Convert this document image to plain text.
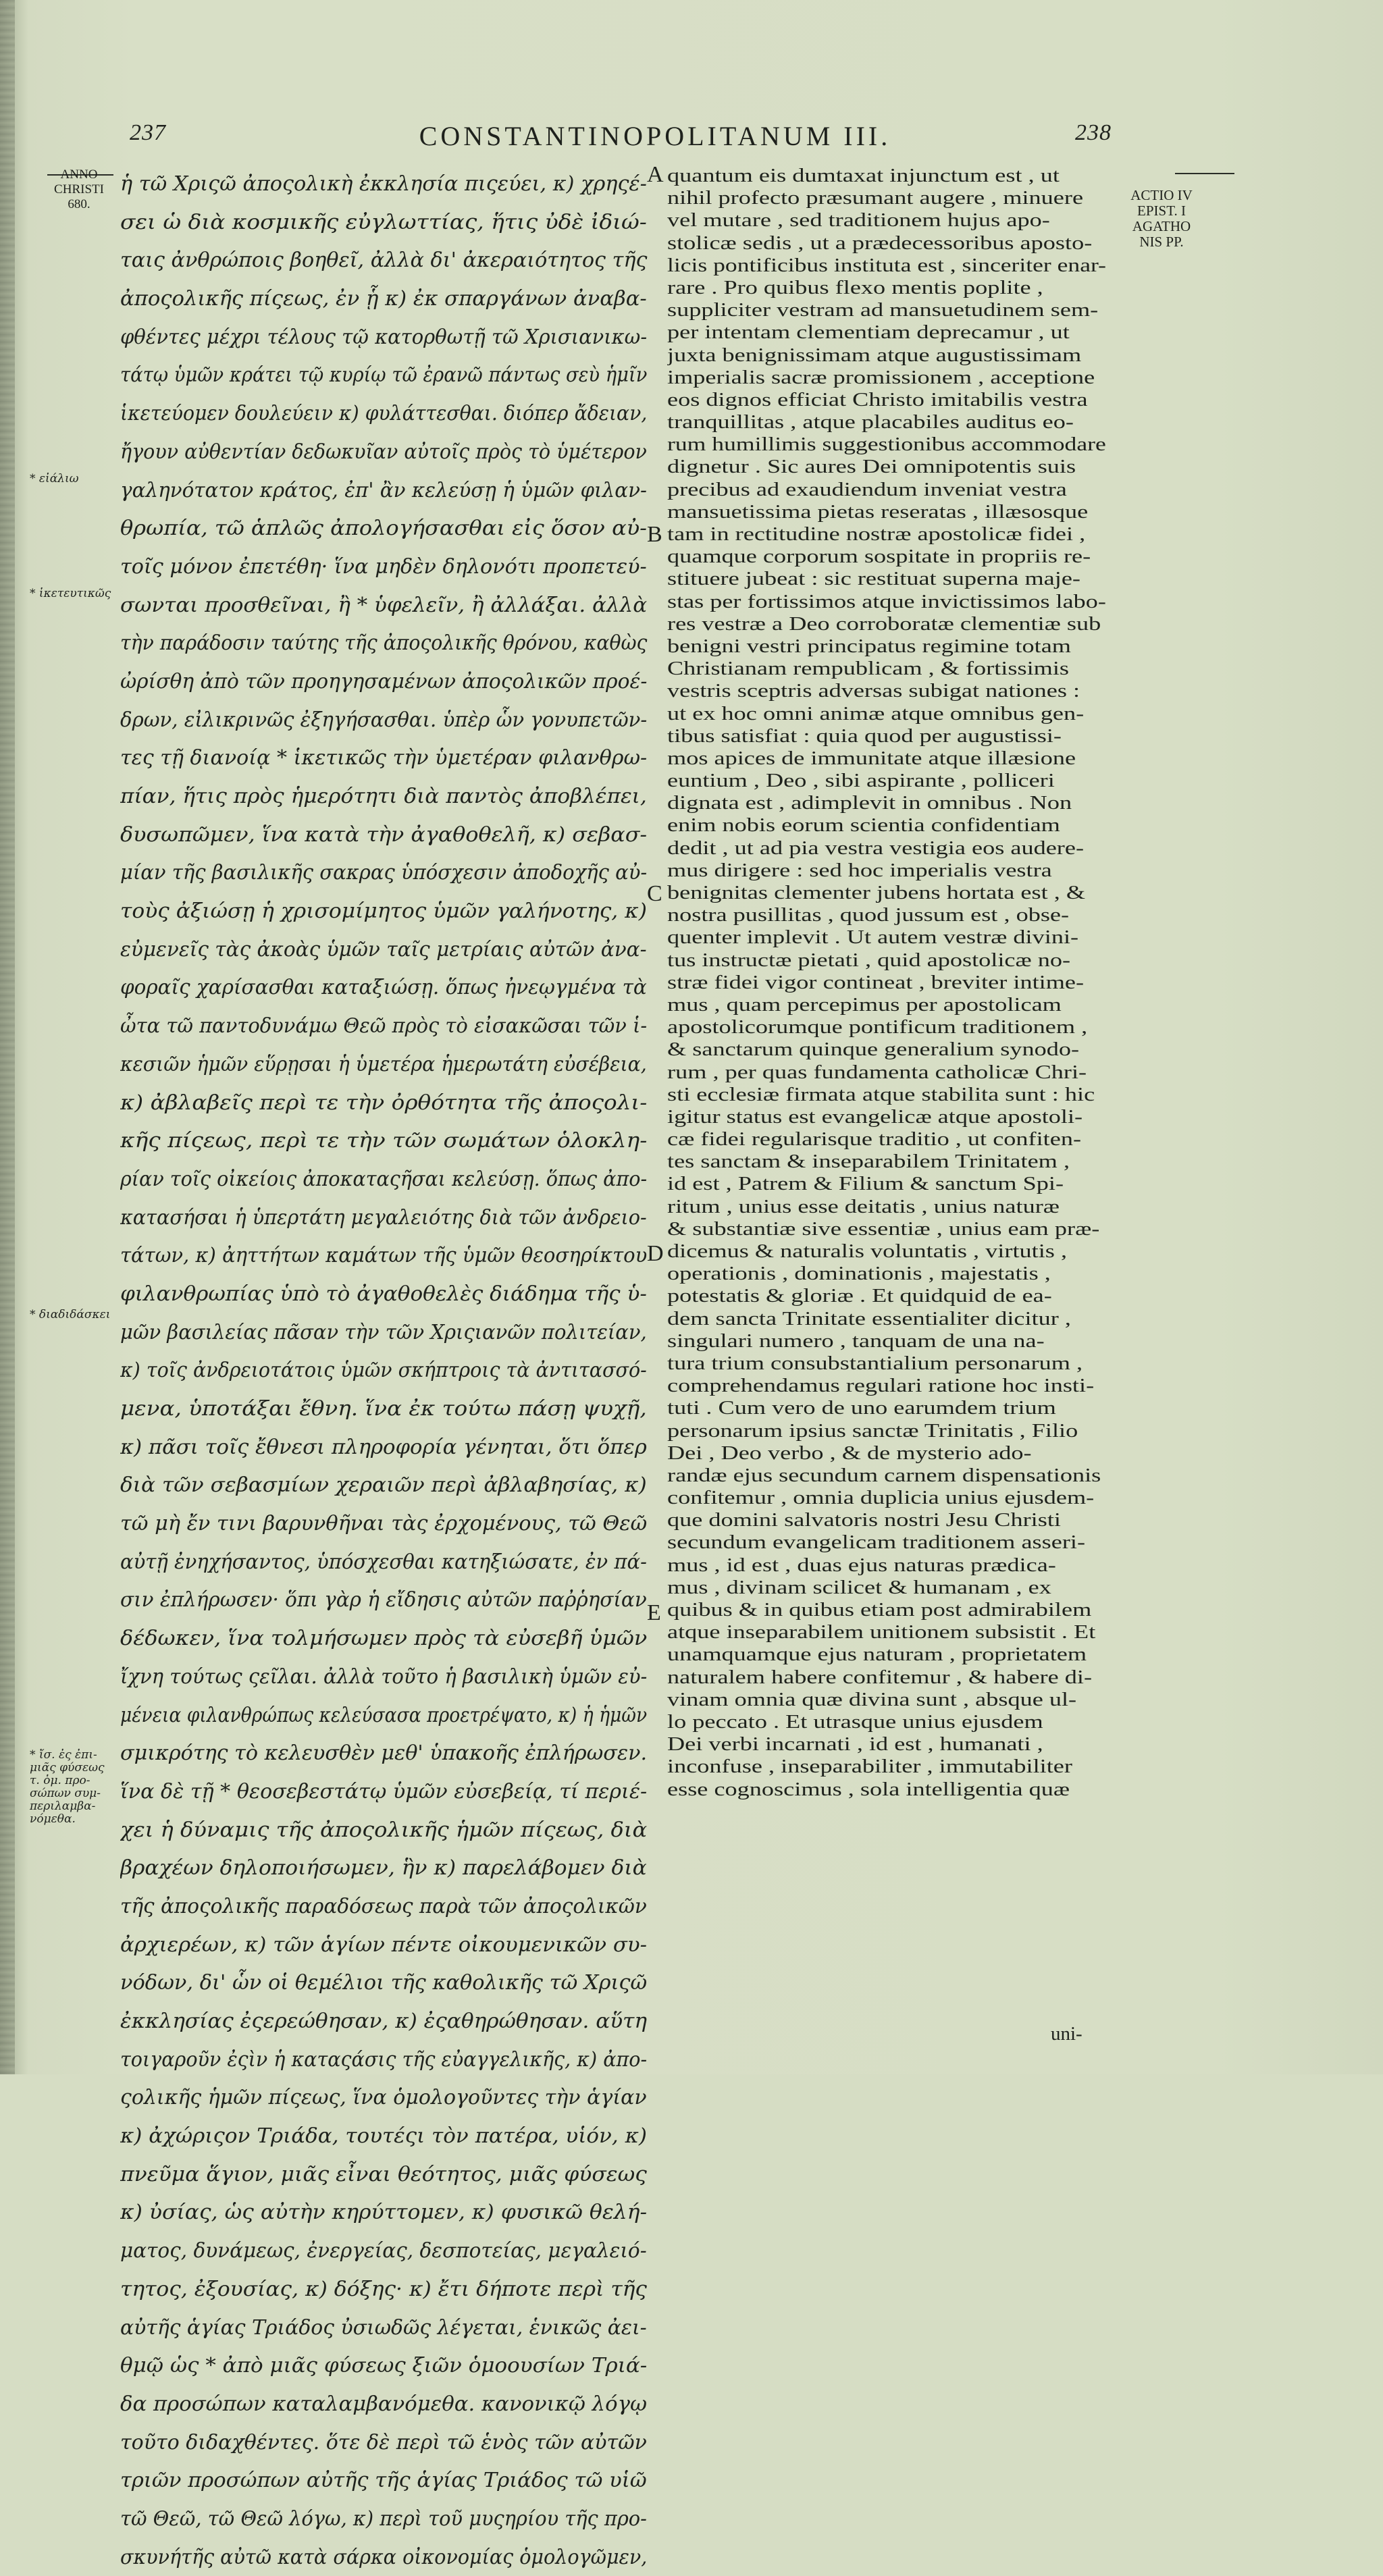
237	CONSTANTINOPOLITANUM III.	238
ANNO
CHRISTI
680.
ACTIO IV
EPIST. I
AGATHO
NIS PP.
ἡ τῶ Χριςῶ ἀποςολικὴ ἐκκλησία πιςεύει, κ) χρηςέ-
σει ὡ διὰ κοσμικῆς εὐγλωττίας, ἥτις ὐδὲ ἰδιώ-
ταις ἀνθρώποις βοηθεῖ, ἀλλὰ δι' ἀκεραιότητος τῆς
ἀποςολικῆς πίςεως, ἐν ᾗ κ) ἐκ σπαργάνων ἀναβα-
φθέντες μέχρι τέλους τῷ κατορθωτῇ τῶ Χρισιανικω-
τάτῳ ὑμῶν κράτει τῷ κυρίῳ τῶ ἐρανῶ πάντως σεὺ ἡμῖν
ἱκετεύομεν δουλεύειν κ) φυλάττεσθαι. διόπερ ἄδειαν,
ἤγουν αὐθεντίαν δεδωκυῖαν αὐτοῖς πρὸς τὸ ὑμέτερον
γαληνότατον κράτος, ἐπ' ἂν κελεύσῃ ἡ ὑμῶν φιλαν-
θρωπία, τῶ ἁπλῶς ἀπολογήσασθαι εἰς ὅσον αὐ-
τοῖς μόνον ἐπετέθη· ἵνα μηδὲν δηλονότι προπετεύ-
σωνται προσθεῖναι, ἢ * ὑφελεῖν, ἢ ἀλλάξαι. ἀλλὰ
τὴν παράδοσιν ταύτης τῆς ἀποςολικῆς θρόνου, καθὼς
ὠρίσθη ἀπὸ τῶν προηγησαμένων ἀποςολικῶν προέ-
δρων, εἰλικρινῶς ἐξηγήσασθαι. ὑπὲρ ὧν γονυπετῶν-
τες τῇ διανοίᾳ * ἱκετικῶς τὴν ὑμετέραν φιλανθρω-
πίαν, ἥτις πρὸς ἡμερότητι διὰ παντὸς ἀποβλέπει,
δυσωπῶμεν, ἵνα κατὰ τὴν ἀγαθοθελῆ, κ) σεβασ-
μίαν τῆς βασιλικῆς σακρας ὑπόσχεσιν ἀποδοχῆς αὐ-
τοὺς ἀξιώσῃ ἡ χρισομίμητος ὑμῶν γαλήνοτης, κ)
εὐμενεῖς τὰς ἀκοὰς ὑμῶν ταῖς μετρίαις αὐτῶν ἀνα-
φοραῖς χαρίσασθαι καταξιώσῃ. ὅπως ἠνεῳγμένα τὰ
ὦτα τῶ παντοδυνάμω Θεῶ πρὸς τὸ εἰσακῶσαι τῶν ἱ-
κεσιῶν ἡμῶν εὕρῃσαι ἡ ὑμετέρα ἡμερωτάτη εὐσέβεια,
κ) ἀβλαβεῖς περὶ τε τὴν ὀρθότητα τῆς ἀποςολι-
κῆς πίςεως, περὶ τε τὴν τῶν σωμάτων ὁλοκλη-
ρίαν τοῖς οἰκείοις ἀποκαταςῆσαι κελεύσῃ. ὅπως ἀπο-
κατασήσαι ἡ ὑπερτάτη μεγαλειότης διὰ τῶν ἀνδρειο-
τάτων, κ) ἀηττήτων καμάτων τῆς ὑμῶν θεοσηρίκτου
φιλανθρωπίας ὑπὸ τὸ ἀγαθοθελὲς διάδημα τῆς ὑ-
μῶν βασιλείας πᾶσαν τὴν τῶν Χριςιανῶν πολιτείαν,
κ) τοῖς ἀνδρειοτάτοις ὑμῶν σκήπτροις τὰ ἀντιτασσό-
μενα, ὑποτάξαι ἔθνη. ἵνα ἐκ τούτω πάσῃ ψυχῇ,
κ) πᾶσι τοῖς ἔθνεσι πληροφορία γένηται, ὅτι ὅπερ
διὰ τῶν σεβασμίων χεραιῶν περὶ ἀβλαβησίας, κ)
τῶ μὴ ἔν τινι βαρυνθῆναι τὰς ἐρχομένους, τῶ Θεῶ
αὐτῇ ἐνηχήσαντος, ὑπόσχεσθαι κατηξιώσατε, ἐν πά-
σιν ἐπλήρωσεν· ὅπι γὰρ ἡ εἴδησις αὐτῶν παῤῥησίαν
δέδωκεν, ἵνα τολμήσωμεν πρὸς τὰ εὐσεβῆ ὑμῶν
ἴχνη τούτως ςεῖλαι. ἀλλὰ τοῦτο ἡ βασιλικὴ ὑμῶν εὐ-
μένεια φιλανθρώπως κελεύσασα προετρέψατο, κ) ἡ ἡμῶν
σμικρότης τὸ κελευσθὲν μεθ' ὑπακοῆς ἐπλήρωσεν.
ἵνα δὲ τῇ * θεοσεβεστάτῳ ὑμῶν εὐσεβείᾳ, τί περιέ-
χει ἡ δύναμις τῆς ἀποςολικῆς ἡμῶν πίςεως, διὰ
βραχέων δηλοποιήσωμεν, ἣν κ) παρελάβομεν διὰ
τῆς ἀποςολικῆς παραδόσεως παρὰ τῶν ἀποςολικῶν
ἀρχιερέων, κ) τῶν ἁγίων πέντε οἰκουμενικῶν συ-
νόδων, δι' ὧν οἱ θεμέλιοι τῆς καθολικῆς τῶ Χριςῶ
ἐκκλησίας ἐςερεώθησαν, κ) ἐςαθηρώθησαν. αὕτη
τοιγαροῦν ἐςὶν ἡ καταςάσις τῆς εὐαγγελικῆς, κ) ἀπο-
ςολικῆς ἡμῶν πίςεως, ἵνα ὁμολογοῦντες τὴν ἁγίαν
κ) ἀχώριςον Τριάδα, τουτέςι τὸν πατέρα, υἱόν, κ)
πνεῦμα ἅγιον, μιᾶς εἶναι θεότητος, μιᾶς φύσεως
κ) ὐσίας, ὡς αὐτὴν κηρύττομεν, κ) φυσικῶ θελή-
ματος, δυνάμεως, ἐνεργείας, δεσποτείας, μεγαλειό-
τητος, ἐξουσίας, κ) δόξης· κ) ἔτι δήποτε περὶ τῆς
αὐτῆς ἁγίας Τριάδος ὐσιωδῶς λέγεται, ἑνικῶς ἀει-
θμῷ ὡς * ἀπὸ μιᾶς φύσεως ξιῶν ὁμοουσίων Τριά-
δα προσώπων καταλαμβανόμεθα. κανονικῷ λόγῳ
τοῦτο διδαχθέντες. ὅτε δὲ περὶ τῶ ἑνὸς τῶν αὐτῶν
τριῶν προσώπων αὐτῆς τῆς ἁγίας Τριάδος τῶ υἱῶ
τῶ Θεῶ, τῶ Θεῶ λόγω, κ) περὶ τοῦ μυςηρίου τῆς προ-
σκυνήτῆς αὐτῶ κατὰ σάρκα οἰκονομίας ὁμολογῶμεν,
quantum eis dumtaxat injunctum est , ut
nihil profecto præsumant augere , minuere
vel mutare , sed traditionem hujus apo-
stolicæ sedis , ut a prædecessoribus aposto-
licis pontificibus instituta est , sinceriter enar-
rare . Pro quibus flexo mentis poplite ,
suppliciter vestram ad mansuetudinem sem-
per intentam clementiam deprecamur , ut
juxta benignissimam atque augustissimam
imperialis sacræ promissionem , acceptione
eos dignos efficiat Christo imitabilis vestra
tranquillitas , atque placabiles auditus eo-
rum humillimis suggestionibus accommodare
dignetur . Sic aures Dei omnipotentis suis
precibus ad exaudiendum inveniat vestra
mansuetissima pietas reseratas , illæsosque
tam in rectitudine nostræ apostolicæ fidei ,
quamque corporum sospitate in propriis re-
stituere jubeat : sic restituat superna maje-
stas per fortissimos atque invictissimos labo-
res vestræ a Deo corroboratæ clementiæ sub
benigni vestri principatus regimine totam
Christianam rempublicam , & fortissimis
vestris sceptris adversas subigat nationes :
ut ex hoc omni animæ atque omnibus gen-
tibus satisfiat : quia quod per augustissi-
mos apices de immunitate atque illæsione
euntium , Deo , sibi aspirante , polliceri
dignata est , adimplevit in omnibus . Non
enim nobis eorum scientia confidentiam
dedit , ut ad pia vestra vestigia eos audere-
mus dirigere : sed hoc imperialis vestra
benignitas clementer jubens hortata est , &
nostra pusillitas , quod jussum est , obse-
quenter implevit . Ut autem vestræ divini-
tus instructæ pietati , quid apostolicæ no-
stræ fidei vigor contineat , breviter intime-
mus , quam percepimus per apostolicam
apostolicorumque pontificum traditionem ,
& sanctarum quinque generalium synodo-
rum , per quas fundamenta catholicæ Chri-
sti ecclesiæ firmata atque stabilita sunt : hic
igitur status est evangelicæ atque apostoli-
cæ fidei regularisque traditio , ut confiten-
tes sanctam & inseparabilem Trinitatem ,
id est , Patrem & Filium & sanctum Spi-
ritum , unius esse deitatis , unius naturæ
& substantiæ sive essentiæ , unius eam præ-
dicemus & naturalis voluntatis , virtutis ,
operationis , dominationis , majestatis ,
potestatis & gloriæ . Et quidquid de ea-
dem sancta Trinitate essentialiter dicitur ,
singulari numero , tanquam de una na-
tura trium consubstantialium personarum ,
comprehendamus regulari ratione hoc insti-
tuti . Cum vero de uno earumdem trium
personarum ipsius sanctæ Trinitatis , Filio
Dei , Deo verbo , & de mysterio ado-
randæ ejus secundum carnem dispensationis
confitemur , omnia duplicia unius ejusdem-
que domini salvatoris nostri Jesu Christi
secundum evangelicam traditionem asseri-
mus , id est , duas ejus naturas prædica-
mus , divinam scilicet & humanam , ex
quibus & in quibus etiam post admirabilem
atque inseparabilem unitionem subsistit . Et
unamquamque ejus naturam , proprietatem
naturalem habere confitemur , & habere di-
vinam omnia quæ divina sunt , absque ul-
lo peccato . Et utrasque unius ejusdem
Dei verbi incarnati , id est , humanati ,
inconfuse , inseparabiliter , immutabiliter
esse cognoscimus , sola intelligentia quæ
A
B
C
D
E
* εἰάλιω
* ἱκετευτικῶς
* διαδιδάσκει
* ἴσ. ἐς ἐπι-μιᾶς φύσεως τ. ὁμ. προ-σώπων συμ-περιλαμβα-νόμεθα.
uni-
